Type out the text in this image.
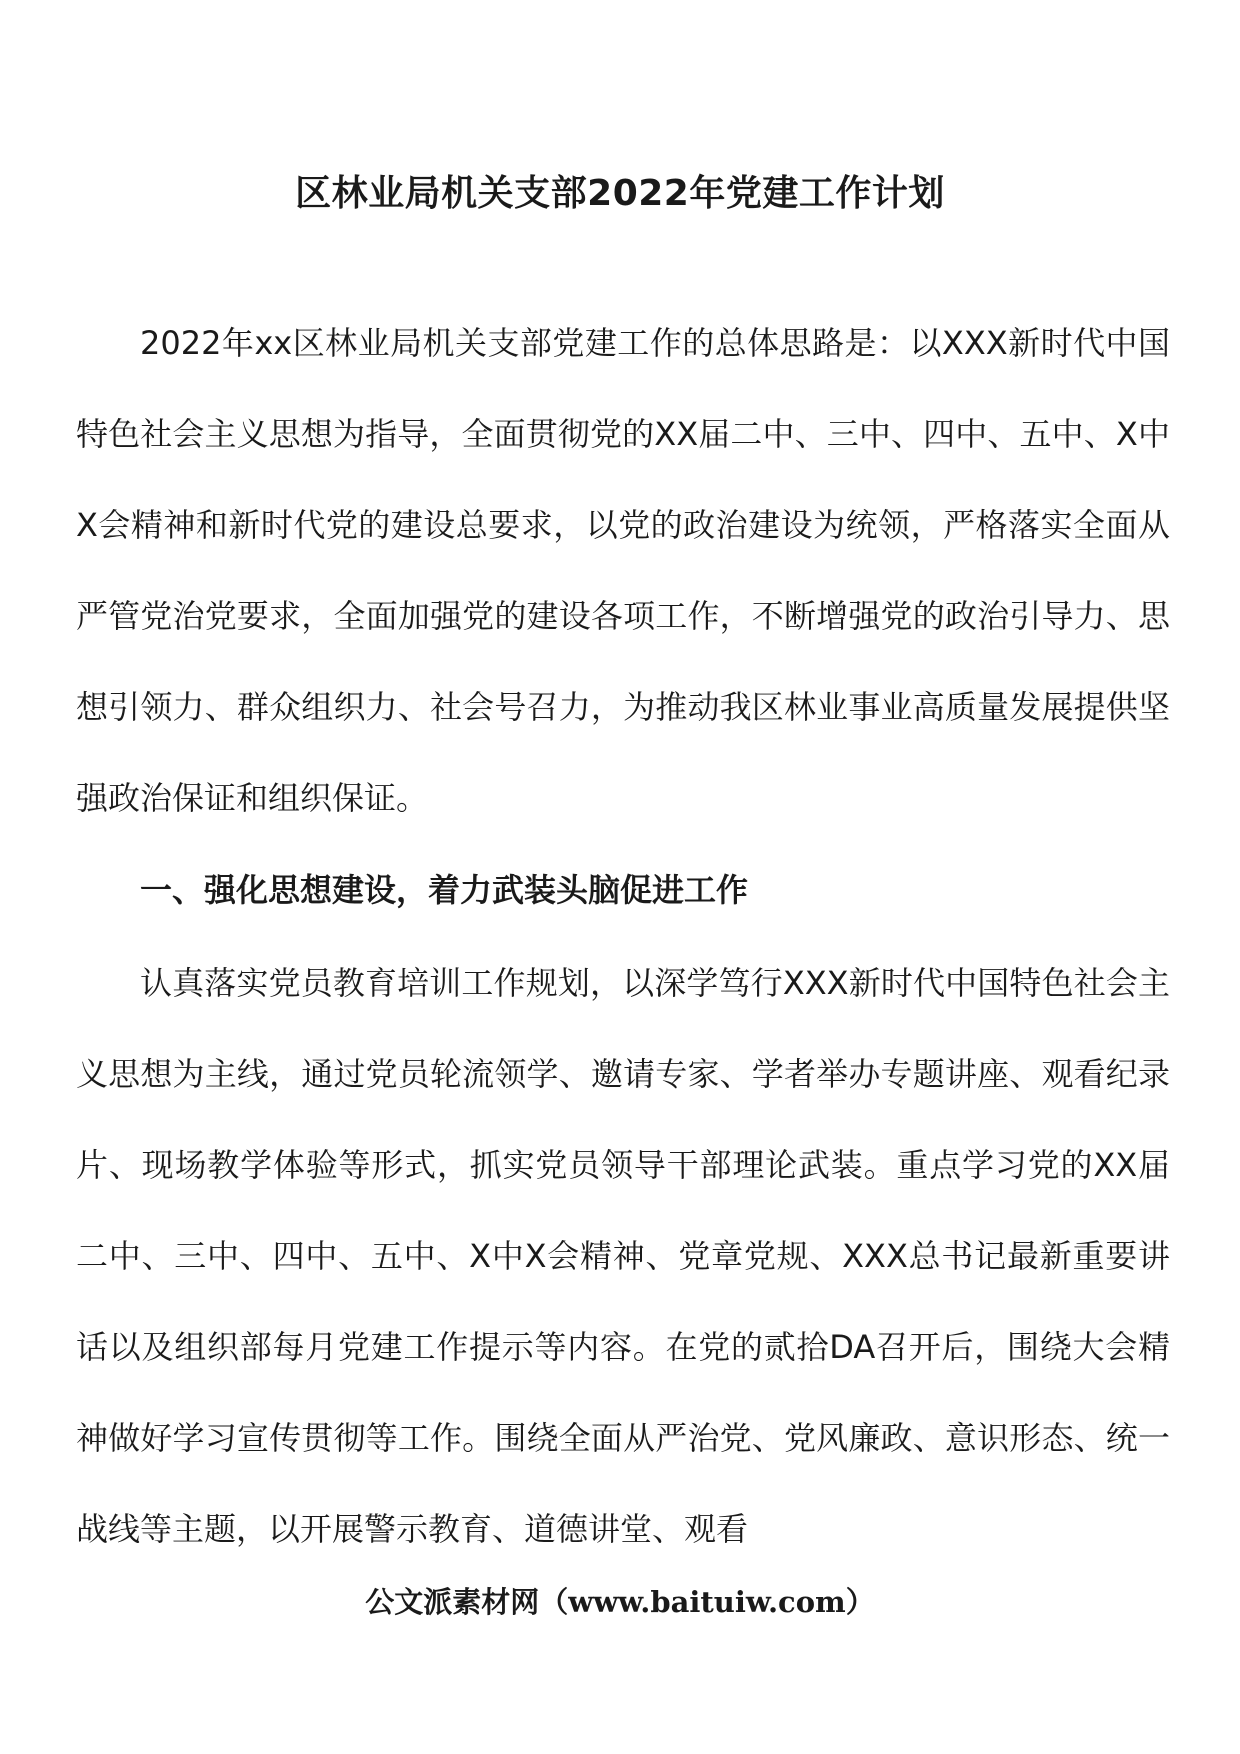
区林业局机关支部2022年党建工作计划

2022年xx区林业局机关支部党建工作的总体思路是：以XXX新时代中国特色社会主义思想为指导，全面贯彻党的XX届二中、三中、四中、五中、X中X会精神和新时代党的建设总要求，以党的政治建设为统领，严格落实全面从严管党治党要求，全面加强党的建设各项工作，不断增强党的政治引导力、思想引领力、群众组织力、社会号召力，为推动我区林业事业高质量发展提供坚强政治保证和组织保证。

一、强化思想建设，着力武装头脑促进工作

认真落实党员教育培训工作规划，以深学笃行XXX新时代中国特色社会主义思想为主线，通过党员轮流领学、邀请专家、学者举办专题讲座、观看纪录片、现场教学体验等形式，抓实党员领导干部理论武装。重点学习党的XX届二中、三中、四中、五中、X中X会精神、党章党规、XXX总书记最新重要讲话以及组织部每月党建工作提示等内容。在党的贰拾DA召开后，围绕大会精神做好学习宣传贯彻等工作。围绕全面从严治党、党风廉政、意识形态、统一战线等主题，以开展警示教育、道德讲堂、观看

公文派素材网（www.baituiw.com）
